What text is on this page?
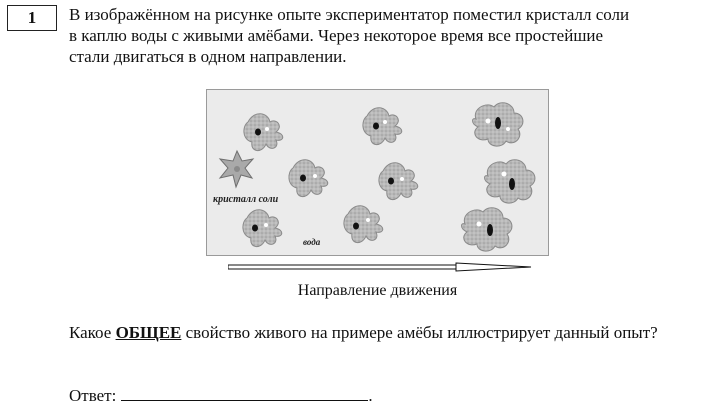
1	В изображённом на рисунке опыте экспериментатор поместил кристалл соли
в каплю воды с живыми амёбами. Через некоторое время все простейшие
стали двигаться в одном направлении.
кристалл соли
вода
Направление движения
Какое ОБЩЕЕ свойство живого на примере амёбы иллюстрирует данный опыт?
Ответ:	.
